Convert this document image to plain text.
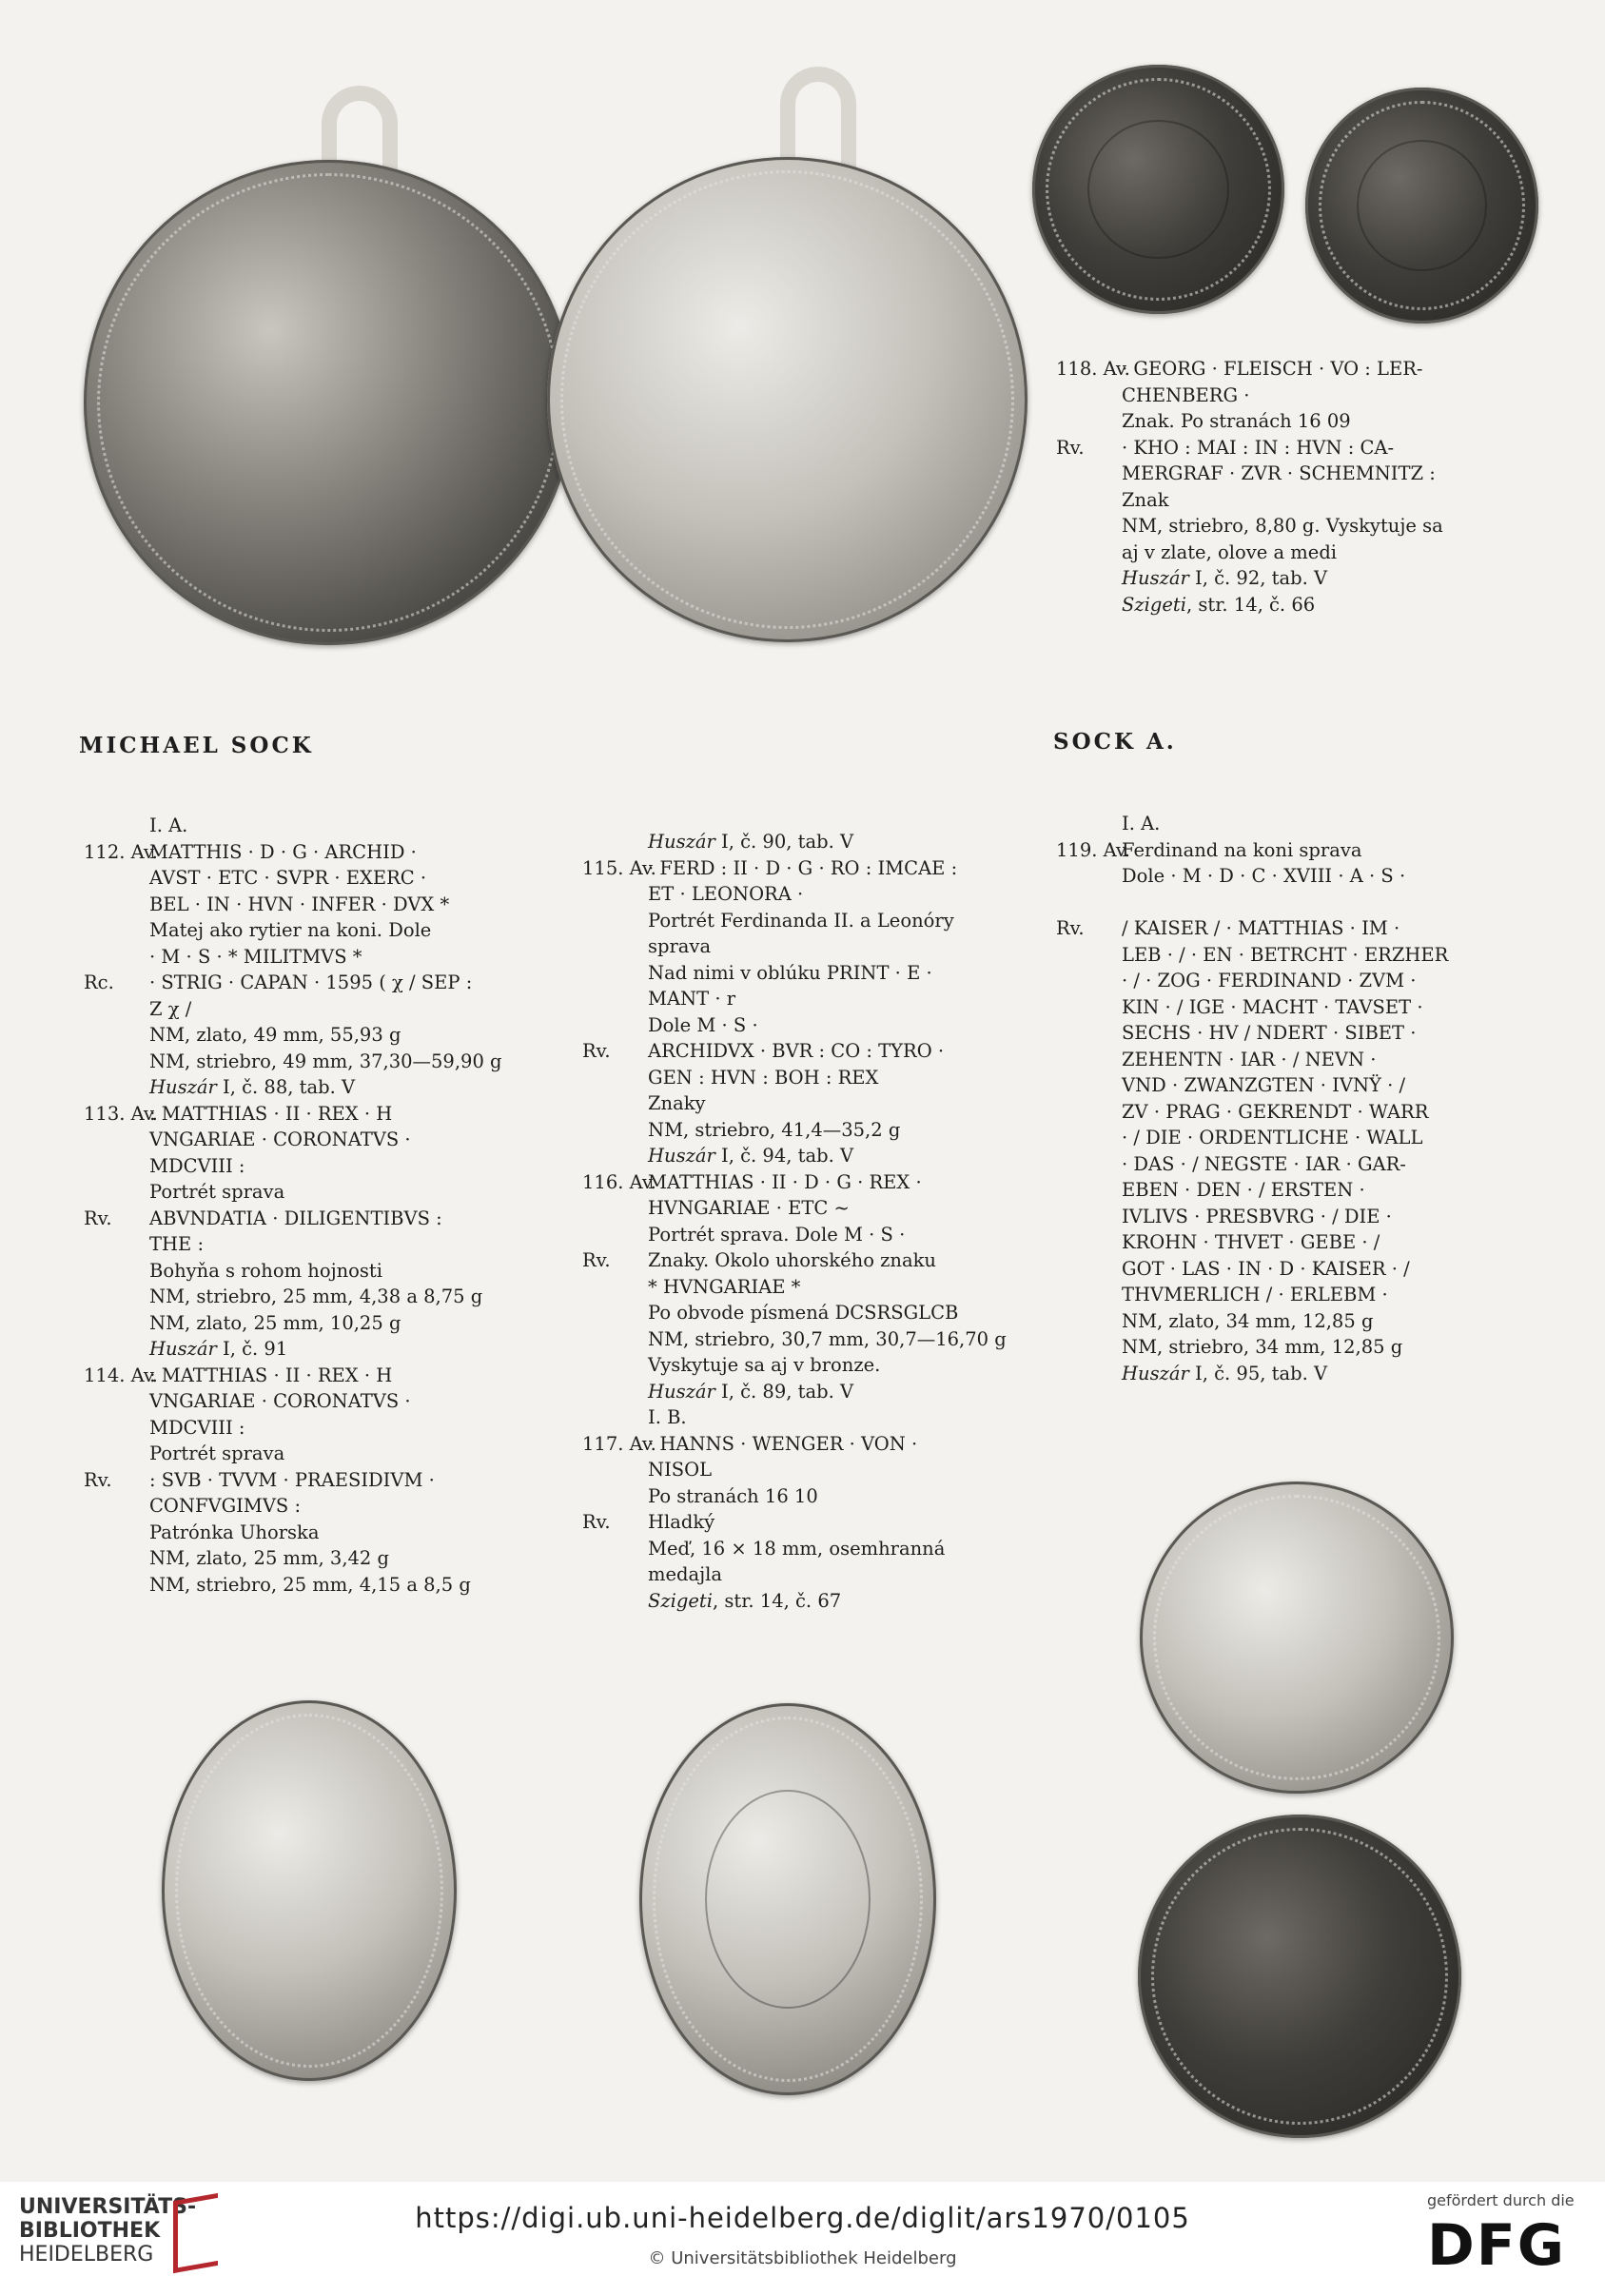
118. Av.· GEORG · FLEISCH · VO : LER-
CHENBERG ·
Znak. Po stranách 16 09
Rv. · KHO : MAI : IN : HVN : CA-
MERGRAF · ZVR · SCHEMNITZ :
Znak
NM, striebro, 8,80 g. Vyskytuje sa
aj v zlate, olove a medi
Huszár I, č. 92, tab. V
Szigeti, str. 14, č. 66
MICHAEL SOCK	SOCK A.
I. A.
112. Av.MATTHIS · D · G · ARCHID ·
AVST · ETC · SVPR · EXERC ·
BEL · IN · HVN · INFER · DVX *
Matej ako rytier na koni. Dole
· M · S · * MILITMVS *
Rc. · STRIG · CAPAN · 1595 ( χ / SEP :
Z χ /
NM, zlato, 49 mm, 55,93 g
NM, striebro, 49 mm, 37,30—59,90 g
Huszár I, č. 88, tab. V
113. Av.: MATTHIAS · II · REX · H
VNGARIAE · CORONATVS ·
MDCVIII :
Portrét sprava
Rv. ABVNDATIA · DILIGENTIBVS :
THE :
Bohyňa s rohom hojnosti
NM, striebro, 25 mm, 4,38 a 8,75 g
NM, zlato, 25 mm, 10,25 g
Huszár I, č. 91
114. Av.: MATTHIAS · II · REX · H
VNGARIAE · CORONATVS ·
MDCVIII :
Portrét sprava
Rv. : SVB · TVVM · PRAESIDIVM ·
CONFVGIMVS :
Patrónka Uhorska
NM, zlato, 25 mm, 3,42 g
NM, striebro, 25 mm, 4,15 a 8,5 g
Huszár I, č. 90, tab. V
115. Av.· FERD : II · D · G · RO : IMCAE :
ET · LEONORA ·
Portrét Ferdinanda II. a Leonóry
sprava
Nad nimi v oblúku PRINT · E ·
MANT · r
Dole M · S ·
Rv. ARCHIDVX · BVR : CO : TYRO ·
GEN : HVN : BOH : REX
Znaky
NM, striebro, 41,4—35,2 g
Huszár I, č. 94, tab. V
116. Av.MATTHIAS · II · D · G · REX ·
HVNGARIAE · ETC ~
Portrét sprava. Dole M · S ·
Rv. Znaky. Okolo uhorského znaku
* HVNGARIAE *
Po obvode písmená DCSRSGLCB
NM, striebro, 30,7 mm, 30,7—16,70 g
Vyskytuje sa aj v bronze.
Huszár I, č. 89, tab. V
I. B.
117. Av.· HANNS · WENGER · VON ·
NISOL
Po stranách 16 10
Rv. Hladký
Meď, 16 × 18 mm, osemhranná
medajla
Szigeti, str. 14, č. 67
I. A.
119. Av.Ferdinand na koni sprava
Dole · M · D · C · XVIII · A · S ·

Rv. / KAISER / · MATTHIAS · IM ·
LEB · / · EN · BETRCHT · ERZHER
· / · ZOG · FERDINAND · ZVM ·
KIN · / IGE · MACHT · TAVSET ·
SECHS · HV / NDERT · SIBET ·
ZEHENTN · IAR · / NEVN ·
VND · ZWANZGTEN · IVNŸ · /
ZV · PRAG · GEKRENDT · WARR
· / DIE · ORDENTLICHE · WALL
· DAS · / NEGSTE · IAR · GAR-
EBEN · DEN · / ERSTEN ·
IVLIVS · PRESBVRG · / DIE ·
KROHN · THVET · GEBE · /
GOT · LAS · IN · D · KAISER · /
THVMERLICH / · ERLEBM ·
NM, zlato, 34 mm, 12,85 g
NM, striebro, 34 mm, 12,85 g
Huszár I, č. 95, tab. V
UNIVERSITÄTS-
BIBLIOTHEK
HEIDELBERG
https://digi.ub.uni-heidelberg.de/diglit/ars1970/0105
© Universitätsbibliothek Heidelberg
gefördert durch die
DFG
